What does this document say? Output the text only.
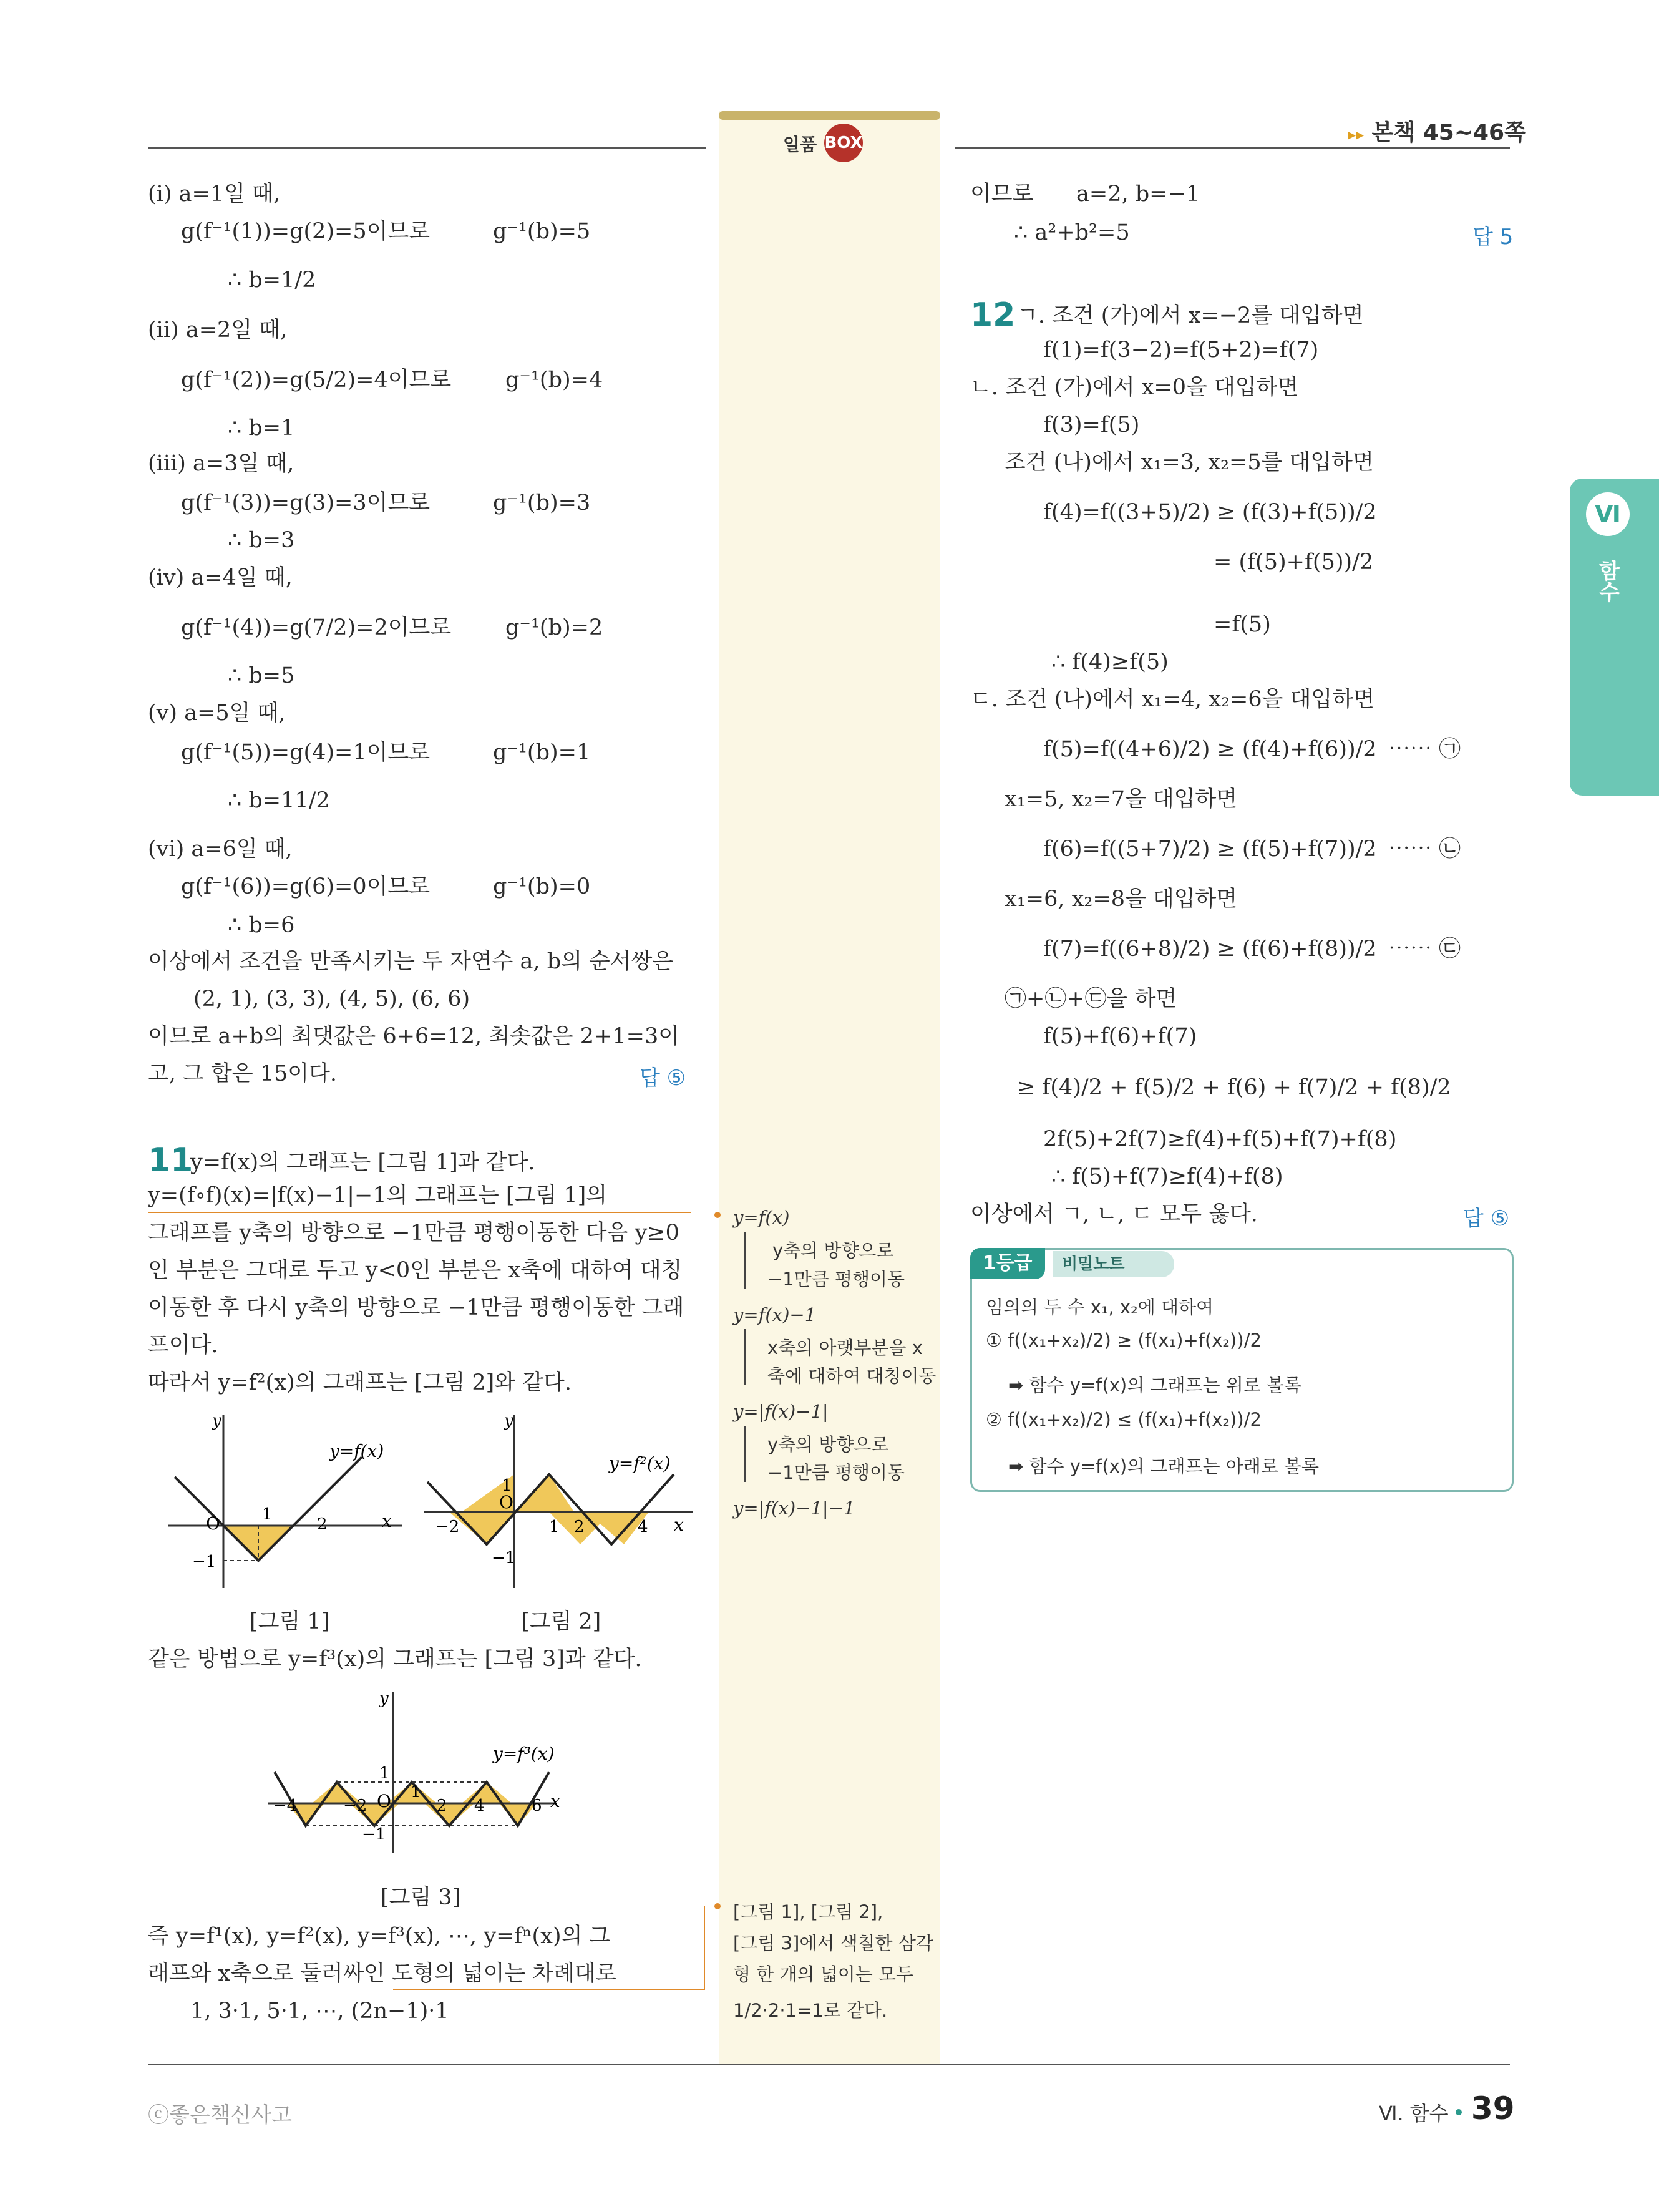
일품 BOX	▸▸ 본책 45~46쪽
Ⅵ
함수
(ⅰ) a=1일 때,
g(f⁻¹(1))=g(2)=5이므로	g⁻¹(b)=5
∴ b=1/2
(ⅱ) a=2일 때,
g(f⁻¹(2))=g(5/2)=4이므로 g⁻¹(b)=4
∴ b=1
(ⅲ) a=3일 때,
g(f⁻¹(3))=g(3)=3이므로	g⁻¹(b)=3
∴ b=3
(ⅳ) a=4일 때,
g(f⁻¹(4))=g(7/2)=2이므로 g⁻¹(b)=2
∴ b=5
(ⅴ) a=5일 때,
g(f⁻¹(5))=g(4)=1이므로	g⁻¹(b)=1
∴ b=11/2
(ⅵ) a=6일 때,
g(f⁻¹(6))=g(6)=0이므로	g⁻¹(b)=0
∴ b=6
이상에서 조건을 만족시키는 두 자연수 a, b의 순서쌍은
(2, 1), (3, 3), (4, 5), (6, 6)
이므로 a+b의 최댓값은 6+6=12, 최솟값은 2+1=3이
고, 그 합은 15이다.	답 ⑤
11
y=f(x)의 그래프는 [그림 1]과 같다.
y=(f∘f)(x)=|f(x)−1|−1의 그래프는 [그림 1]의
그래프를 y축의 방향으로 −1만큼 평행이동한 다음 y≥0
인 부분은 그대로 두고 y<0인 부분은 x축에 대하여 대칭
이동한 후 다시 y축의 방향으로 −1만큼 평행이동한 그래
프이다.
따라서 y=f²(x)의 그래프는 [그림 2]와 같다.
y
x
O	1
2
−1
y=f(x)
y
x
O
1
1 2	4
−2
−1
y=f²(x)
[그림 1]	[그림 2]
같은 방법으로 y=f³(x)의 그래프는 [그림 3]과 같다.
y
x
O
1
1
−4	−2	2 4	6
−1
y=f³(x)
[그림 3]
즉 y=f¹(x), y=f²(x), y=f³(x), ⋯, y=fⁿ(x)의 그
래프와 x축으로 둘러싸인 도형의 넓이는 차례대로
1, 3·1, 5·1, ⋯, (2n−1)·1
y=f(x)
y축의 방향으로
−1만큼 평행이동
y=f(x)−1
x축의 아랫부분을 x
축에 대하여 대칭이동
y=|f(x)−1|
y축의 방향으로
−1만큼 평행이동
y=|f(x)−1|−1
[그림 1], [그림 2],
[그림 3]에서 색칠한 삼각
형 한 개의 넓이는 모두
1/2·2·1=1로 같다.
이므로 a=2, b=−1
∴ a²+b²=5	답 5
12 ㄱ. 조건 (가)에서 x=−2를 대입하면
f(1)=f(3−2)=f(5+2)=f(7)
ㄴ. 조건 (가)에서 x=0을 대입하면
f(3)=f(5)
조건 (나)에서 x₁=3, x₂=5를 대입하면
f(4)=f((3+5)/2) ≥ (f(3)+f(5))/2
= (f(5)+f(5))/2
=f(5)
∴ f(4)≥f(5)
ㄷ. 조건 (나)에서 x₁=4, x₂=6을 대입하면
f(5)=f((4+6)/2) ≥ (f(4)+f(6))/2 ⋯⋯ ㉠
x₁=5, x₂=7을 대입하면
f(6)=f((5+7)/2) ≥ (f(5)+f(7))/2 ⋯⋯ ㉡
x₁=6, x₂=8을 대입하면
f(7)=f((6+8)/2) ≥ (f(6)+f(8))/2 ⋯⋯ ㉢
㉠+㉡+㉢을 하면
f(5)+f(6)+f(7)
≥ f(4)/2 + f(5)/2 + f(6) + f(7)/2 + f(8)/2
2f(5)+2f(7)≥f(4)+f(5)+f(7)+f(8)
∴ f(5)+f(7)≥f(4)+f(8)
이상에서 ㄱ, ㄴ, ㄷ 모두 옳다.	답 ⑤
1등급	비밀노트
임의의 두 수 x₁, x₂에 대하여
① f((x₁+x₂)/2) ≥ (f(x₁)+f(x₂))/2
➡ 함수 y=f(x)의 그래프는 위로 볼록
② f((x₁+x₂)/2) ≤ (f(x₁)+f(x₂))/2
➡ 함수 y=f(x)의 그래프는 아래로 볼록
ⓒ좋은책신사고	Ⅵ. 함수 39
